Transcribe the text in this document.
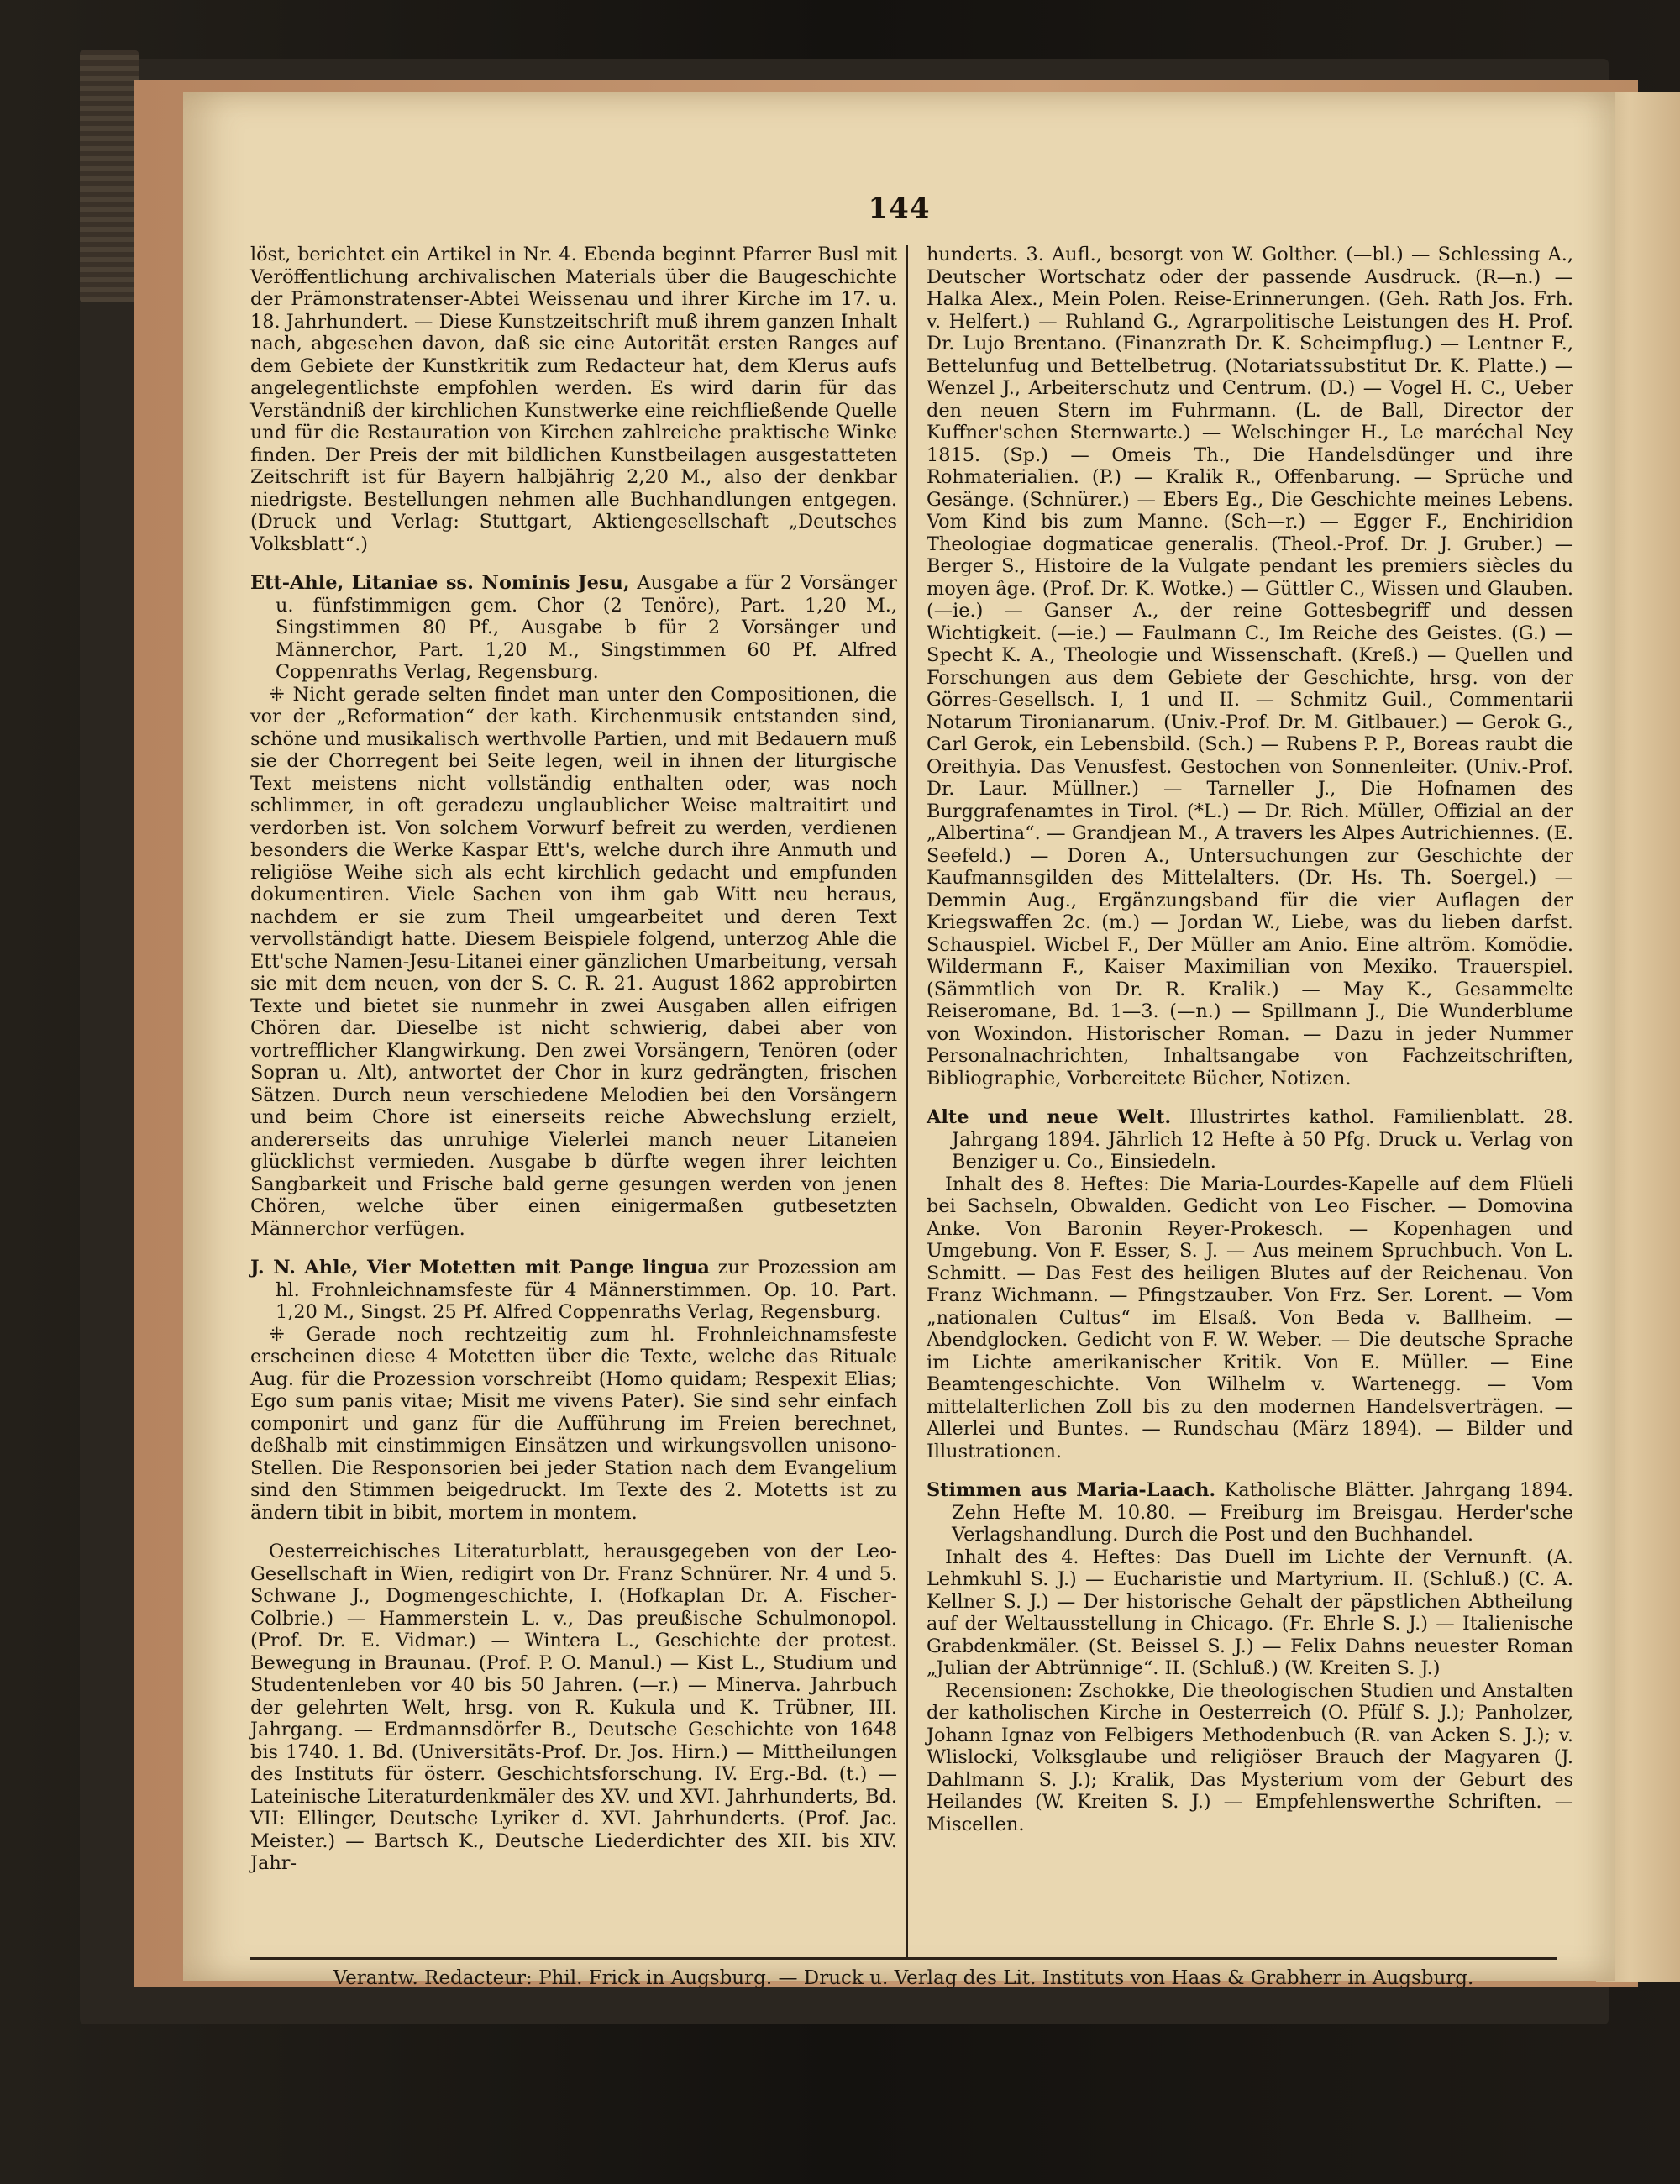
144

löst, berichtet ein Artikel in Nr. 4. Ebenda beginnt Pfarrer Busl mit Veröffentlichung archivalischen Materials über die Baugeschichte der Prämonstratenser-Abtei Weissenau und ihrer Kirche im 17. u. 18. Jahrhundert. — Diese Kunstzeitschrift muß ihrem ganzen Inhalt nach, abgesehen davon, daß sie eine Autorität ersten Ranges auf dem Gebiete der Kunstkritik zum Redacteur hat, dem Klerus aufs angelegentlichste empfohlen werden. Es wird darin für das Verständniß der kirchlichen Kunstwerke eine reichfließende Quelle und für die Restauration von Kirchen zahlreiche praktische Winke finden. Der Preis der mit bildlichen Kunstbeilagen ausgestatteten Zeitschrift ist für Bayern halbjährig 2,20 M., also der denkbar niedrigste. Bestellungen nehmen alle Buchhandlungen entgegen. (Druck und Verlag: Stuttgart, Aktiengesellschaft „Deutsches Volksblatt“.)

Ett-Ahle, Litaniae ss. Nominis Jesu, Ausgabe a für 2 Vorsänger u. fünfstimmigen gem. Chor (2 Tenöre), Part. 1,20 M., Singstimmen 80 Pf., Ausgabe b für 2 Vorsänger und Männerchor, Part. 1,20 M., Singstimmen 60 Pf. Alfred Coppenraths Verlag, Regensburg.

⁜ Nicht gerade selten findet man unter den Compositionen, die vor der „Reformation“ der kath. Kirchenmusik entstanden sind, schöne und musikalisch werthvolle Partien, und mit Bedauern muß sie der Chorregent bei Seite legen, weil in ihnen der liturgische Text meistens nicht vollständig enthalten oder, was noch schlimmer, in oft geradezu unglaublicher Weise maltraitirt und verdorben ist. Von solchem Vorwurf befreit zu werden, verdienen besonders die Werke Kaspar Ett's, welche durch ihre Anmuth und religiöse Weihe sich als echt kirchlich gedacht und empfunden dokumentiren. Viele Sachen von ihm gab Witt neu heraus, nachdem er sie zum Theil umgearbeitet und deren Text vervollständigt hatte. Diesem Beispiele folgend, unterzog Ahle die Ett'sche Namen-Jesu-Litanei einer gänzlichen Umarbeitung, versah sie mit dem neuen, von der S. C. R. 21. August 1862 approbirten Texte und bietet sie nunmehr in zwei Ausgaben allen eifrigen Chören dar. Dieselbe ist nicht schwierig, dabei aber von vortrefflicher Klangwirkung. Den zwei Vorsängern, Tenören (oder Sopran u. Alt), antwortet der Chor in kurz gedrängten, frischen Sätzen. Durch neun verschiedene Melodien bei den Vorsängern und beim Chore ist einerseits reiche Abwechslung erzielt, andererseits das unruhige Vielerlei manch neuer Litaneien glücklichst vermieden. Ausgabe b dürfte wegen ihrer leichten Sangbarkeit und Frische bald gerne gesungen werden von jenen Chören, welche über einen einigermaßen gutbesetzten Männerchor verfügen.

J. N. Ahle, Vier Motetten mit Pange lingua zur Prozession am hl. Frohnleichnamsfeste für 4 Männerstimmen. Op. 10. Part. 1,20 M., Singst. 25 Pf. Alfred Coppenraths Verlag, Regensburg.

⁜ Gerade noch rechtzeitig zum hl. Frohnleichnamsfeste erscheinen diese 4 Motetten über die Texte, welche das Rituale Aug. für die Prozession vorschreibt (Homo quidam; Respexit Elias; Ego sum panis vitae; Misit me vivens Pater). Sie sind sehr einfach componirt und ganz für die Aufführung im Freien berechnet, deßhalb mit einstimmigen Einsätzen und wirkungsvollen unisono-Stellen. Die Responsorien bei jeder Station nach dem Evangelium sind den Stimmen beigedruckt. Im Texte des 2. Motetts ist zu ändern tibit in bibit, mortem in montem.

Oesterreichisches Literaturblatt, herausgegeben von der Leo-Gesellschaft in Wien, redigirt von Dr. Franz Schnürer. Nr. 4 und 5. Schwane J., Dogmengeschichte, I. (Hofkaplan Dr. A. Fischer-Colbrie.) — Hammerstein L. v., Das preußische Schulmonopol. (Prof. Dr. E. Vidmar.) — Wintera L., Geschichte der protest. Bewegung in Braunau. (Prof. P. O. Manul.) — Kist L., Studium und Studentenleben vor 40 bis 50 Jahren. (—r.) — Minerva. Jahrbuch der gelehrten Welt, hrsg. von R. Kukula und K. Trübner, III. Jahrgang. — Erdmannsdörfer B., Deutsche Geschichte von 1648 bis 1740. 1. Bd. (Universitäts-Prof. Dr. Jos. Hirn.) — Mittheilungen des Instituts für österr. Geschichtsforschung. IV. Erg.-Bd. (t.) — Lateinische Literaturdenkmäler des XV. und XVI. Jahrhunderts, Bd. VII: Ellinger, Deutsche Lyriker d. XVI. Jahrhunderts. (Prof. Jac. Meister.) — Bartsch K., Deutsche Liederdichter des XII. bis XIV. Jahr-

hunderts. 3. Aufl., besorgt von W. Golther. (—bl.) — Schlessing A., Deutscher Wortschatz oder der passende Ausdruck. (R—n.) — Halka Alex., Mein Polen. Reise-Erinnerungen. (Geh. Rath Jos. Frh. v. Helfert.) — Ruhland G., Agrarpolitische Leistungen des H. Prof. Dr. Lujo Brentano. (Finanzrath Dr. K. Scheimpflug.) — Lentner F., Bettelunfug und Bettelbetrug. (Notariatssubstitut Dr. K. Platte.) — Wenzel J., Arbeiterschutz und Centrum. (D.) — Vogel H. C., Ueber den neuen Stern im Fuhrmann. (L. de Ball, Director der Kuffner'schen Sternwarte.) — Welschinger H., Le maréchal Ney 1815. (Sp.) — Omeis Th., Die Handelsdünger und ihre Rohmaterialien. (P.) — Kralik R., Offenbarung. — Sprüche und Gesänge. (Schnürer.) — Ebers Eg., Die Geschichte meines Lebens. Vom Kind bis zum Manne. (Sch—r.) — Egger F., Enchiridion Theologiae dogmaticae generalis. (Theol.-Prof. Dr. J. Gruber.) — Berger S., Histoire de la Vulgate pendant les premiers siècles du moyen âge. (Prof. Dr. K. Wotke.) — Güttler C., Wissen und Glauben. (—ie.) — Ganser A., der reine Gottesbegriff und dessen Wichtigkeit. (—ie.) — Faulmann C., Im Reiche des Geistes. (G.) — Specht K. A., Theologie und Wissenschaft. (Kreß.) — Quellen und Forschungen aus dem Gebiete der Geschichte, hrsg. von der Görres-Gesellsch. I, 1 und II. — Schmitz Guil., Commentarii Notarum Tironianarum. (Univ.-Prof. Dr. M. Gitlbauer.) — Gerok G., Carl Gerok, ein Lebensbild. (Sch.) — Rubens P. P., Boreas raubt die Oreithyia. Das Venusfest. Gestochen von Sonnenleiter. (Univ.-Prof. Dr. Laur. Müllner.) — Tarneller J., Die Hofnamen des Burggrafenamtes in Tirol. (*L.) — Dr. Rich. Müller, Offizial an der „Albertina“. — Grandjean M., A travers les Alpes Autrichiennes. (E. Seefeld.) — Doren A., Untersuchungen zur Geschichte der Kaufmannsgilden des Mittelalters. (Dr. Hs. Th. Soergel.) — Demmin Aug., Ergänzungsband für die vier Auflagen der Kriegswaffen 2c. (m.) — Jordan W., Liebe, was du lieben darfst. Schauspiel. Wicbel F., Der Müller am Anio. Eine altröm. Komödie. Wildermann F., Kaiser Maximilian von Mexiko. Trauerspiel. (Sämmtlich von Dr. R. Kralik.) — May K., Gesammelte Reiseromane, Bd. 1—3. (—n.) — Spillmann J., Die Wunderblume von Woxindon. Historischer Roman. — Dazu in jeder Nummer Personalnachrichten, Inhaltsangabe von Fachzeitschriften, Bibliographie, Vorbereitete Bücher, Notizen.

Alte und neue Welt. Illustrirtes kathol. Familienblatt. 28. Jahrgang 1894. Jährlich 12 Hefte à 50 Pfg. Druck u. Verlag von Benziger u. Co., Einsiedeln.

Inhalt des 8. Heftes: Die Maria-Lourdes-Kapelle auf dem Flüeli bei Sachseln, Obwalden. Gedicht von Leo Fischer. — Domovina Anke. Von Baronin Reyer-Prokesch. — Kopenhagen und Umgebung. Von F. Esser, S. J. — Aus meinem Spruchbuch. Von L. Schmitt. — Das Fest des heiligen Blutes auf der Reichenau. Von Franz Wichmann. — Pfingstzauber. Von Frz. Ser. Lorent. — Vom „nationalen Cultus“ im Elsaß. Von Beda v. Ballheim. — Abendglocken. Gedicht von F. W. Weber. — Die deutsche Sprache im Lichte amerikanischer Kritik. Von E. Müller. — Eine Beamtengeschichte. Von Wilhelm v. Wartenegg. — Vom mittelalterlichen Zoll bis zu den modernen Handelsverträgen. — Allerlei und Buntes. — Rundschau (März 1894). — Bilder und Illustrationen.

Stimmen aus Maria-Laach. Katholische Blätter. Jahrgang 1894. Zehn Hefte M. 10.80. — Freiburg im Breisgau. Herder'sche Verlagshandlung. Durch die Post und den Buchhandel.

Inhalt des 4. Heftes: Das Duell im Lichte der Vernunft. (A. Lehmkuhl S. J.) — Eucharistie und Martyrium. II. (Schluß.) (C. A. Kellner S. J.) — Der historische Gehalt der päpstlichen Abtheilung auf der Weltausstellung in Chicago. (Fr. Ehrle S. J.) — Italienische Grabdenkmäler. (St. Beissel S. J.) — Felix Dahns neuester Roman „Julian der Abtrünnige“. II. (Schluß.) (W. Kreiten S. J.)

Recensionen: Zschokke, Die theologischen Studien und Anstalten der katholischen Kirche in Oesterreich (O. Pfülf S. J.); Panholzer, Johann Ignaz von Felbigers Methodenbuch (R. van Acken S. J.); v. Wlislocki, Volksglaube und religiöser Brauch der Magyaren (J. Dahlmann S. J.); Kralik, Das Mysterium vom der Geburt des Heilandes (W. Kreiten S. J.) — Empfehlenswerthe Schriften. — Miscellen.

Verantw. Redacteur: Phil. Frick in Augsburg. — Druck u. Verlag des Lit. Instituts von Haas & Grabherr in Augsburg.
